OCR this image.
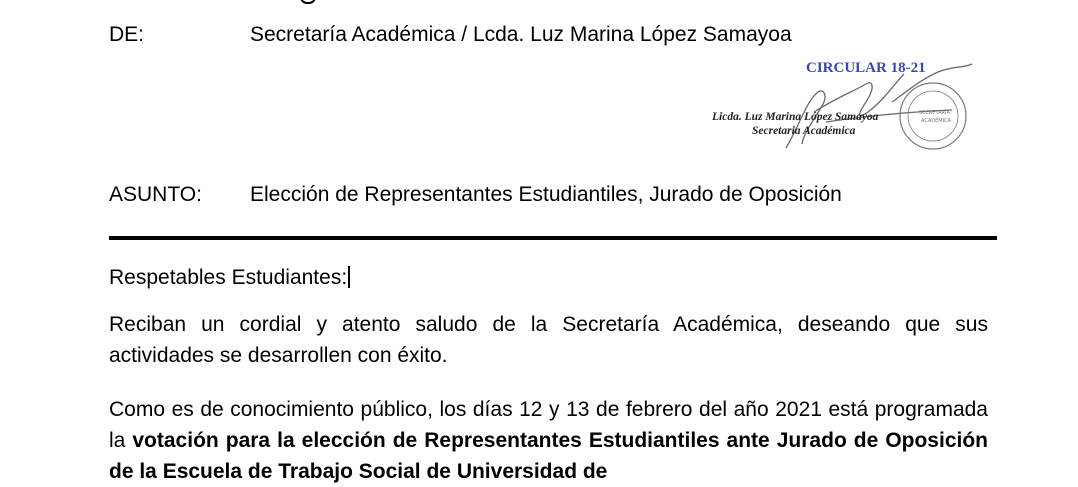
DE:	Secretaría Académica / Lcda. Luz Marina López Samayoa
CIRCULAR 18-21
SECRETARÍA
ACADÉMICA
Licda. Luz Marina López Samayoa
Secretaria Académica
ASUNTO: Elección de Representantes Estudiantiles, Jurado de Oposición
Respetables Estudiantes:
Reciban un cordial y atento saludo de la Secretaría Académica, deseando que sus actividades se desarrollen con éxito.
Como es de conocimiento público, los días 12 y 13 de febrero del año 2021 está programada la votación para la elección de Representantes Estudiantiles ante Jurado de Oposición de la Escuela de Trabajo Social de Universidad de
